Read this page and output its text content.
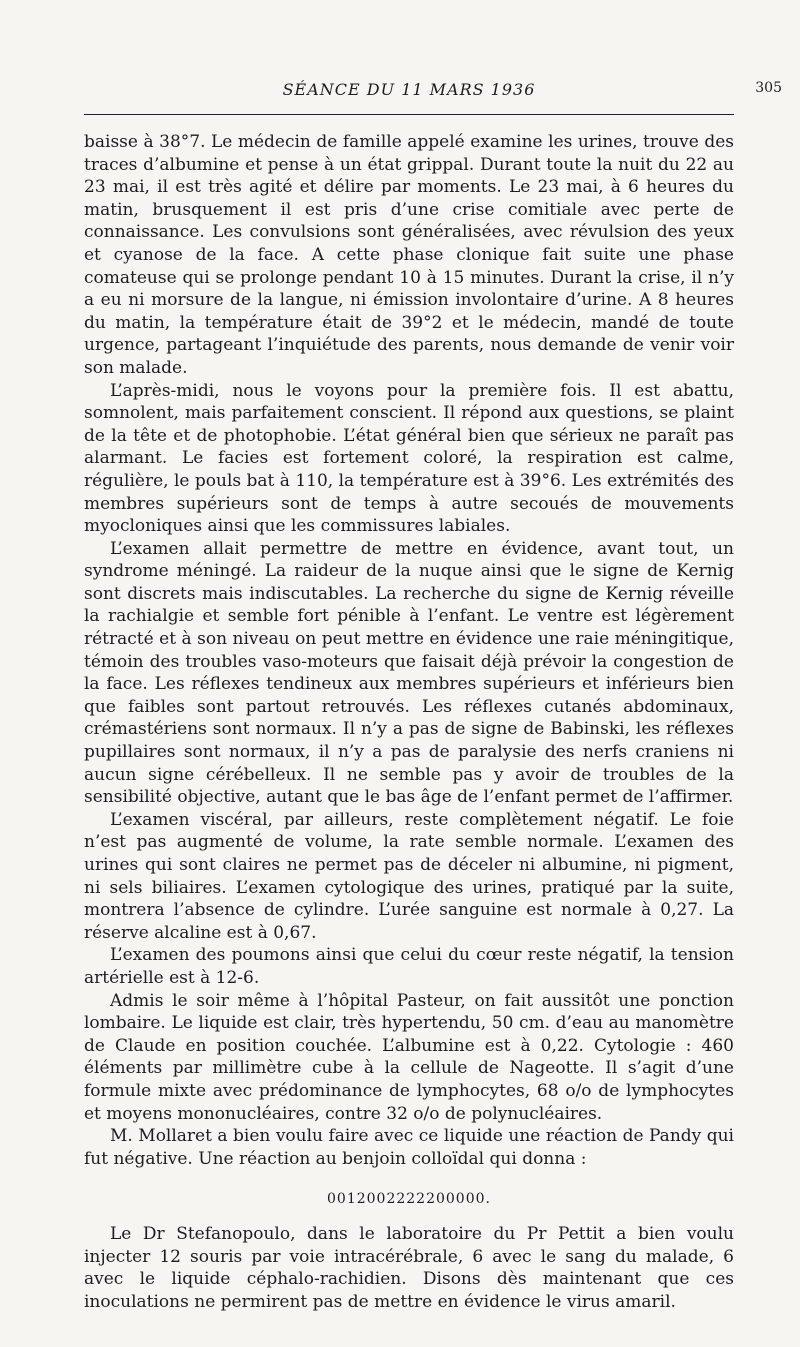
SÉANCE DU 11 MARS 1936	305

baisse à 38°7. Le médecin de famille appelé examine les urines, trouve des traces d’albumine et pense à un état grippal. Durant toute la nuit du 22 au 23 mai, il est très agité et délire par moments. Le 23 mai, à 6 heures du matin, brusquement il est pris d’une crise comitiale avec perte de connaissance. Les convulsions sont généralisées, avec révulsion des yeux et cyanose de la face. A cette phase clonique fait suite une phase comateuse qui se prolonge pendant 10 à 15 minutes. Durant la crise, il n’y a eu ni morsure de la langue, ni émission involontaire d’urine. A 8 heures du matin, la température était de 39°2 et le médecin, mandé de toute urgence, partageant l’inquiétude des parents, nous demande de venir voir son malade.

L’après-midi, nous le voyons pour la première fois. Il est abattu, somnolent, mais parfaitement conscient. Il répond aux questions, se plaint de la tête et de photophobie. L’état général bien que sérieux ne paraît pas alarmant. Le facies est fortement coloré, la respiration est calme, régulière, le pouls bat à 110, la température est à 39°6. Les extrémités des membres supérieurs sont de temps à autre secoués de mouvements myocloniques ainsi que les commissures labiales.

L’examen allait permettre de mettre en évidence, avant tout, un syndrome méningé. La raideur de la nuque ainsi que le signe de Kernig sont discrets mais indiscutables. La recherche du signe de Kernig réveille la rachialgie et semble fort pénible à l’enfant. Le ventre est légèrement rétracté et à son niveau on peut mettre en évidence une raie méningitique, témoin des troubles vaso-moteurs que faisait déjà prévoir la congestion de la face. Les réflexes tendineux aux membres supérieurs et inférieurs bien que faibles sont partout retrouvés. Les réflexes cutanés abdominaux, crémastériens sont normaux. Il n’y a pas de signe de Babinski, les réflexes pupillaires sont normaux, il n’y a pas de paralysie des nerfs craniens ni aucun signe cérébelleux. Il ne semble pas y avoir de troubles de la sensibilité objective, autant que le bas âge de l’enfant permet de l’affirmer.

L’examen viscéral, par ailleurs, reste complètement négatif. Le foie n’est pas augmenté de volume, la rate semble normale. L’examen des urines qui sont claires ne permet pas de déceler ni albumine, ni pigment, ni sels biliaires. L’examen cytologique des urines, pratiqué par la suite, montrera l’absence de cylindre. L’urée sanguine est normale à 0,27. La réserve alcaline est à 0,67.

L’examen des poumons ainsi que celui du cœur reste négatif, la tension artérielle est à 12-6.

Admis le soir même à l’hôpital Pasteur, on fait aussitôt une ponction lombaire. Le liquide est clair, très hypertendu, 50 cm. d’eau au manomètre de Claude en position couchée. L’albumine est à 0,22. Cytologie : 460 éléments par millimètre cube à la cellule de Nageotte. Il s’agit d’une formule mixte avec prédominance de lymphocytes, 68 o/o de lymphocytes et moyens mononucléaires, contre 32 o/o de polynucléaires.

M. Mollaret a bien voulu faire avec ce liquide une réaction de Pandy qui fut négative. Une réaction au benjoin colloïdal qui donna :

0012002222200000.

Le Dr Stefanopoulo, dans le laboratoire du Pr Pettit a bien voulu injecter 12 souris par voie intracérébrale, 6 avec le sang du malade, 6 avec le liquide céphalo-rachidien. Disons dès maintenant que ces inoculations ne permirent pas de mettre en évidence le virus amaril.
